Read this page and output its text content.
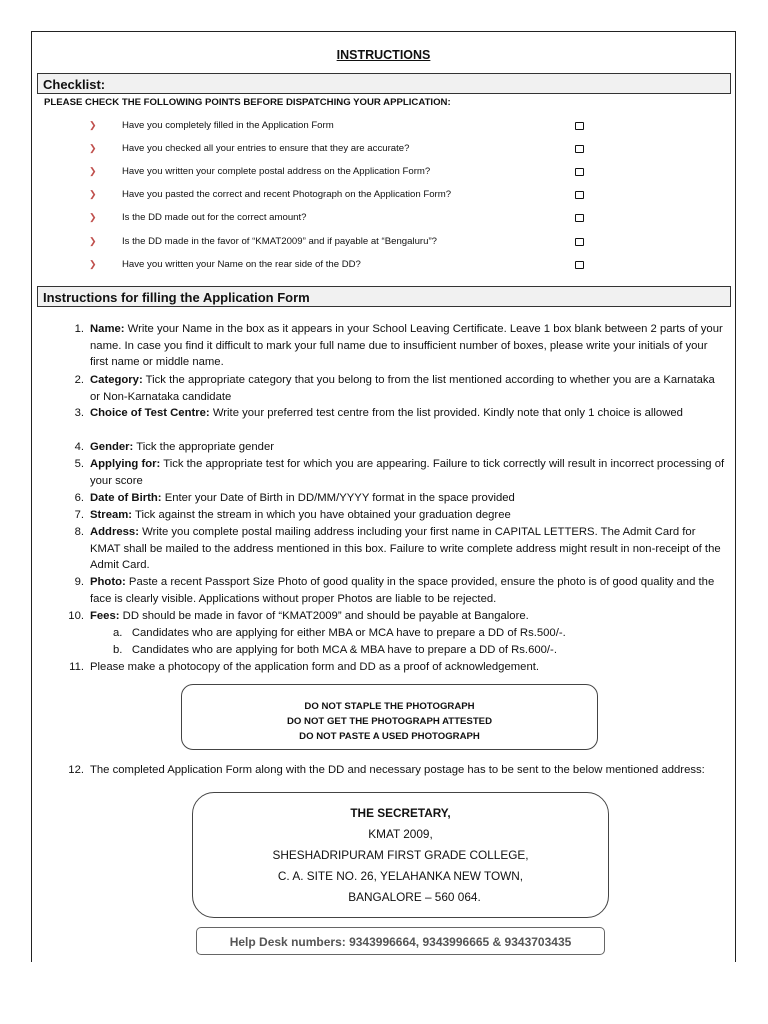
INSTRUCTIONS
Checklist:
PLEASE CHECK THE FOLLOWING POINTS BEFORE DISPATCHING YOUR APPLICATION:
❯	Have you completely filled in the Application Form
❯	Have you checked all your entries to ensure that they are accurate?
❯	Have you written your complete postal address on the Application Form?
❯	Have you pasted the correct and recent Photograph on the Application Form?
❯	Is the DD made out for the correct amount?
❯	Is the DD made in the favor of “KMAT2009” and if payable at “Bengaluru”?
❯	Have you written your Name on the rear side of the DD?
Instructions for filling the Application Form
1. Name: Write your Name in the box as it appears in your School Leaving Certificate. Leave 1 box blank between 2 parts of your name. In case you find it difficult to mark your full name due to insufficient number of boxes, please write your initials of your first name or middle name.
2. Category: Tick the appropriate category that you belong to from the list mentioned according to whether you are a Karnataka or Non-Karnataka candidate
3. Choice of Test Centre: Write your preferred test centre from the list provided. Kindly note that only 1 choice is allowed
4. Gender: Tick the appropriate gender
5. Applying for: Tick the appropriate test for which you are appearing. Failure to tick correctly will result in incorrect processing of your score
6. Date of Birth: Enter your Date of Birth in DD/MM/YYYY format in the space provided
7. Stream: Tick against the stream in which you have obtained your graduation degree
8. Address: Write you complete postal mailing address including your first name in CAPITAL LETTERS. The Admit Card for KMAT shall be mailed to the address mentioned in this box. Failure to write complete address might result in non-receipt of the Admit Card.
9. Photo: Paste a recent Passport Size Photo of good quality in the space provided, ensure the photo is of good quality and the face is clearly visible. Applications without proper Photos are liable to be rejected.
10. Fees: DD should be made in favor of “KMAT2009” and should be payable at Bangalore.
a. Candidates who are applying for either MBA or MCA have to prepare a DD of Rs.500/-.
b. Candidates who are applying for both MCA & MBA have to prepare a DD of Rs.600/-.
11. Please make a photocopy of the application form and DD as a proof of acknowledgement.
DO NOT STAPLE THE PHOTOGRAPH
DO NOT GET THE PHOTOGRAPH ATTESTED
DO NOT PASTE A USED PHOTOGRAPH
12. The completed Application Form along with the DD and necessary postage has to be sent to the below mentioned address:
THE SECRETARY,
KMAT 2009,
SHESHADRIPURAM FIRST GRADE COLLEGE,
C. A. SITE NO. 26, YELAHANKA NEW TOWN,
BANGALORE – 560 064.
Help Desk numbers: 9343996664, 9343996665 & 9343703435
